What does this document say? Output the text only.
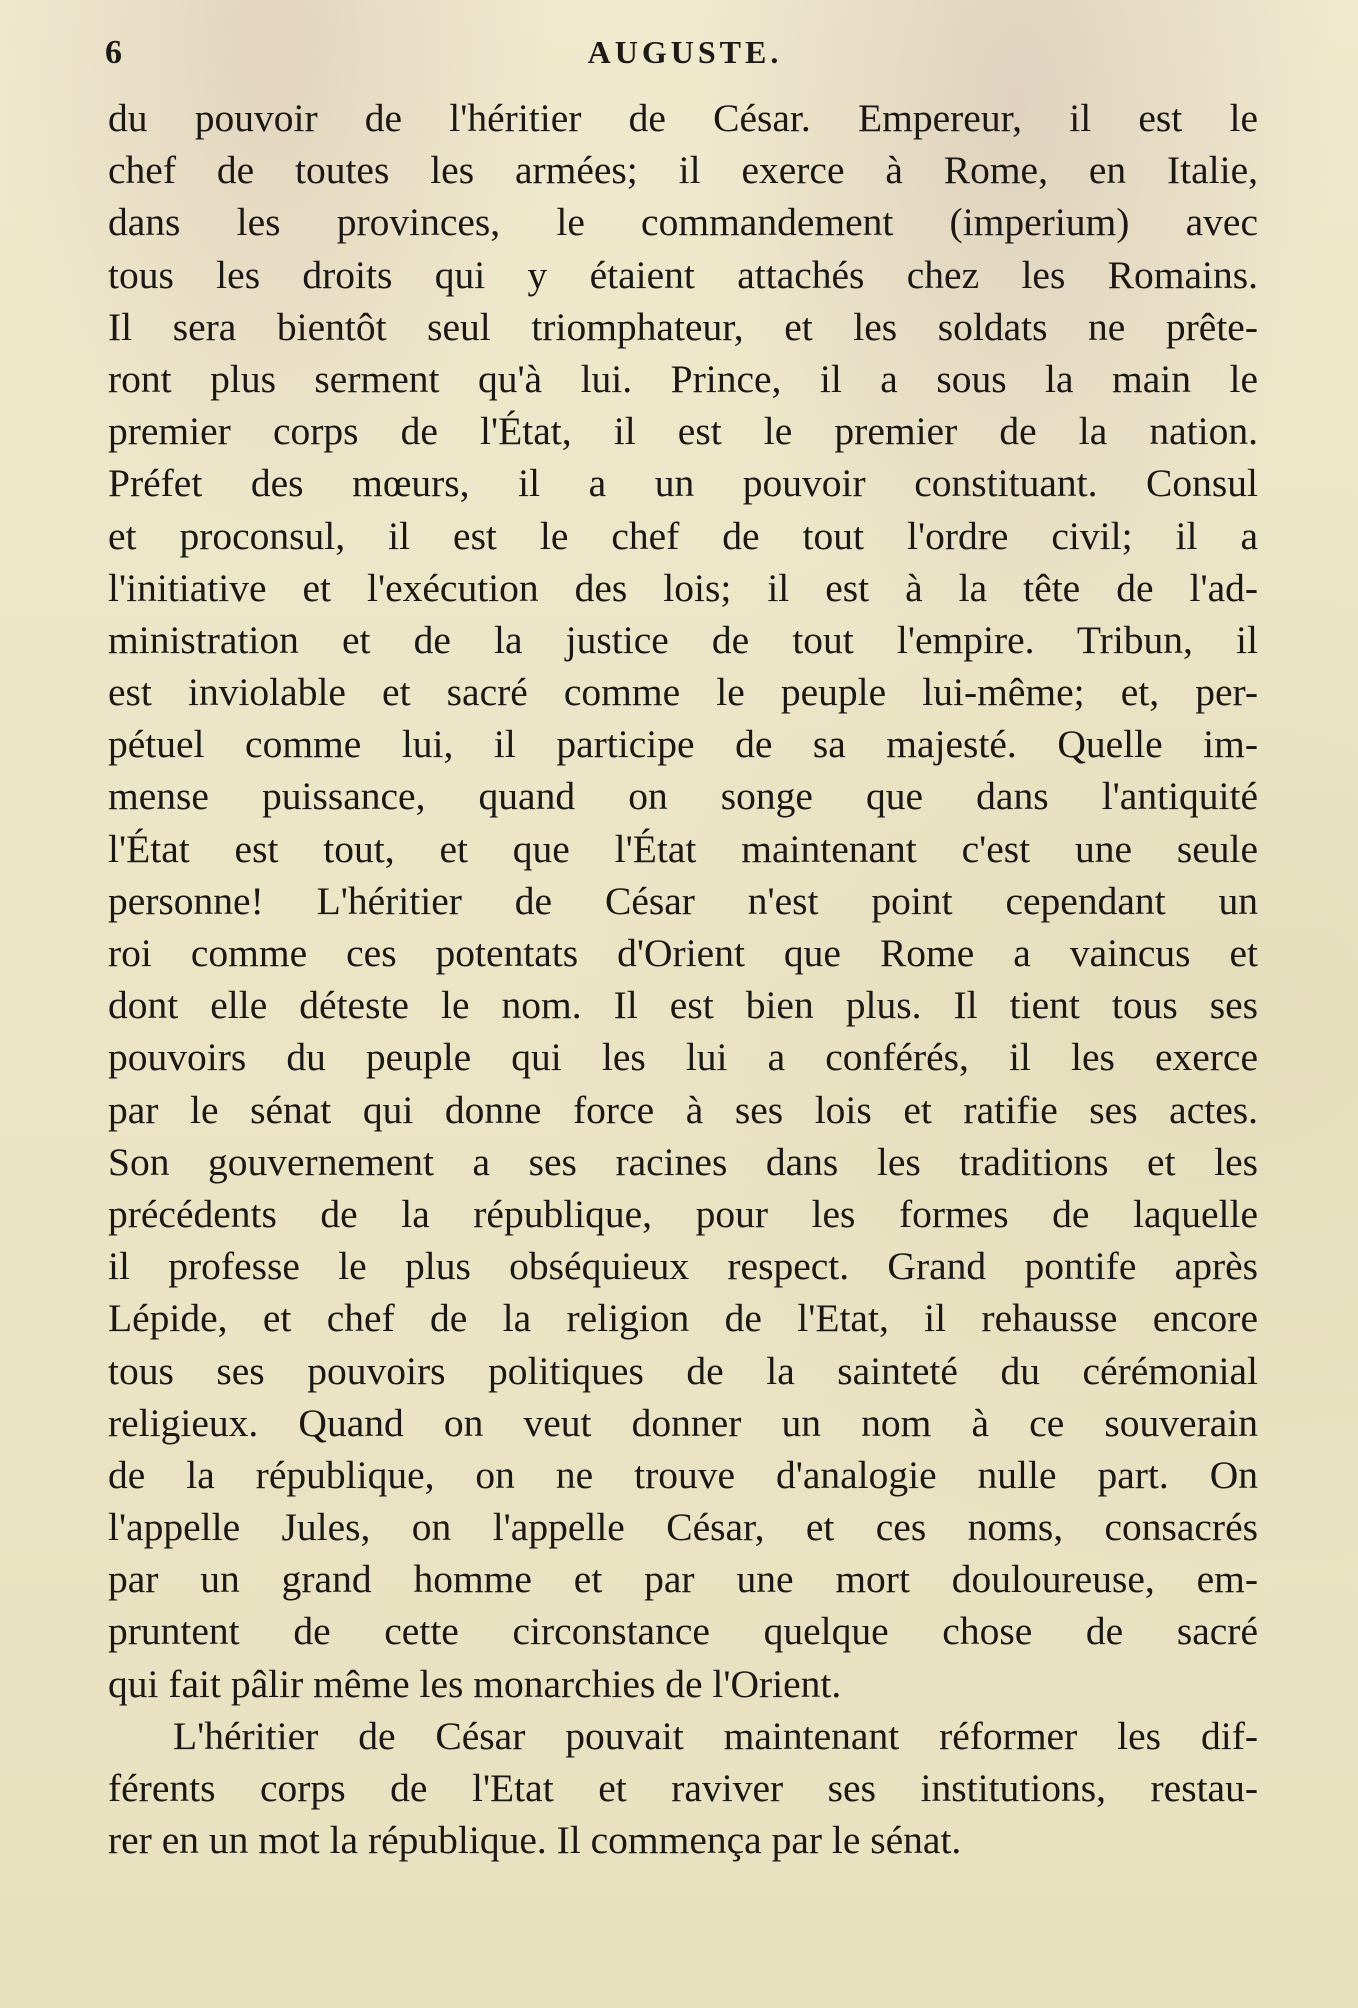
6	AUGUSTE.
du pouvoir de l'héritier de César. Empereur, il est le
chef de toutes les armées; il exerce à Rome, en Italie,
dans les provinces, le commandement (imperium) avec
tous les droits qui y étaient attachés chez les Romains.
Il sera bientôt seul triomphateur, et les soldats ne prête-
ront plus serment qu'à lui. Prince, il a sous la main le
premier corps de l'État, il est le premier de la nation.
Préfet des mœurs, il a un pouvoir constituant. Consul
et proconsul, il est le chef de tout l'ordre civil; il a
l'initiative et l'exécution des lois; il est à la tête de l'ad-
ministration et de la justice de tout l'empire. Tribun, il
est inviolable et sacré comme le peuple lui-même; et, per-
pétuel comme lui, il participe de sa majesté. Quelle im-
mense puissance, quand on songe que dans l'antiquité
l'État est tout, et que l'État maintenant c'est une seule
personne! L'héritier de César n'est point cependant un
roi comme ces potentats d'Orient que Rome a vaincus et
dont elle déteste le nom. Il est bien plus. Il tient tous ses
pouvoirs du peuple qui les lui a conférés, il les exerce
par le sénat qui donne force à ses lois et ratifie ses actes.
Son gouvernement a ses racines dans les traditions et les
précédents de la république, pour les formes de laquelle
il professe le plus obséquieux respect. Grand pontife après
Lépide, et chef de la religion de l'Etat, il rehausse encore
tous ses pouvoirs politiques de la sainteté du cérémonial
religieux. Quand on veut donner un nom à ce souverain
de la république, on ne trouve d'analogie nulle part. On
l'appelle Jules, on l'appelle César, et ces noms, consacrés
par un grand homme et par une mort douloureuse, em-
pruntent de cette circonstance quelque chose de sacré
qui fait pâlir même les monarchies de l'Orient.
L'héritier de César pouvait maintenant réformer les dif-
férents corps de l'Etat et raviver ses institutions, restau-
rer en un mot la république. Il commença par le sénat.
